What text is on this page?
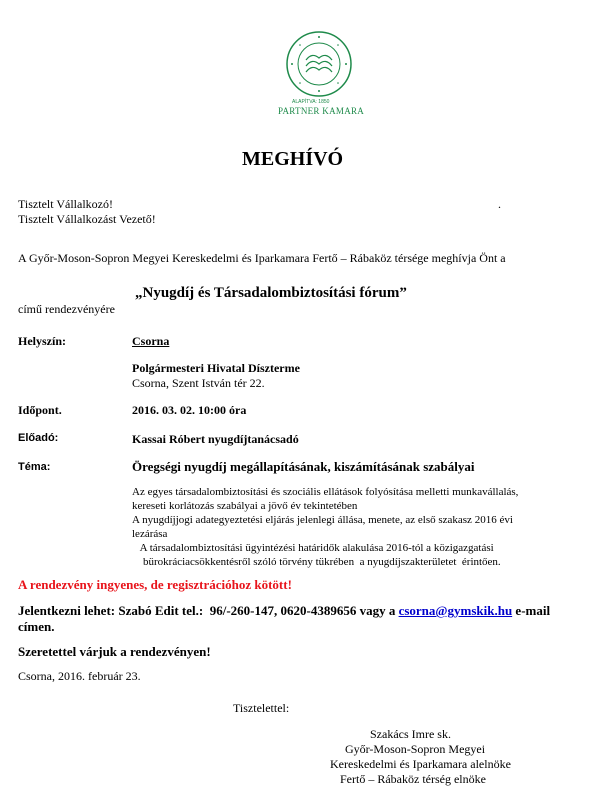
ALAPÍTVA: 1850
PARTNER KAMARA
MEGHÍVÓ
Tisztelt Vállalkozó!
Tisztelt Vállalkozást Vezető!
.
A Győr-Moson-Sopron Megyei Kereskedelmi és Iparkamara Fertő – Rábaköz térsége meghívja Önt a
„Nyugdíj és Társadalombiztosítási fórum”
című rendezvényére
Helyszín:	Csorna
Polgármesteri Hivatal Díszterme
Csorna, Szent István tér 22.
Időpont.	2016. 03. 02. 10:00 óra
Előadó:	Kassai Róbert nyugdíjtanácsadó
Téma:	Öregségi nyugdíj megállapításának, kiszámításának szabályai
Az egyes társadalombiztosítási és szociális ellátások folyósítása melletti munkavállalás,
kereseti korlátozás szabályai a jövő év tekintetében
A nyugdíjjogi adategyeztetési eljárás jelenlegi állása, menete, az első szakasz 2016 évi
lezárása
A társadalombiztosítási ügyintézési határidők alakulása 2016-tól a közigazgatási
bürokráciacsökkentésről szóló törvény tükrében  a nyugdíjszakterületet  érintően.
A rendezvény ingyenes, de regisztrációhoz kötött!
Jelentkezni lehet: Szabó Edit tel.:  96/-260-147, 0620-4389656 vagy a csorna@gymskik.hu e-mail
címen.
Szeretettel várjuk a rendezvényen!
Csorna, 2016. február 23.
Tisztelettel:
Szakács Imre sk.
Győr-Moson-Sopron Megyei
Kereskedelmi és Iparkamara alelnöke
Fertő – Rábaköz térség elnöke
